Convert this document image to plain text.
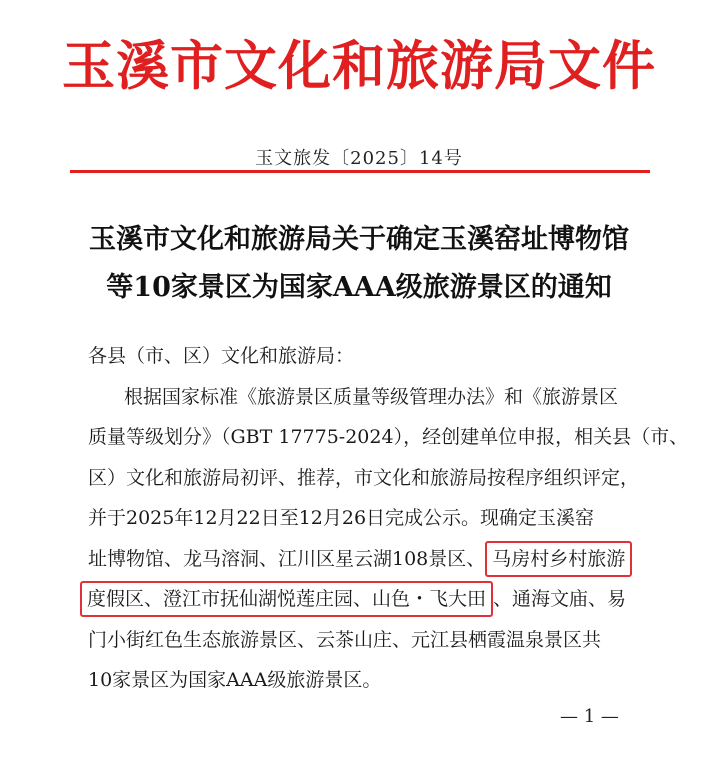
玉溪市文化和旅游局文件
玉文旅发〔2025〕14号
玉溪市文化和旅游局关于确定玉溪窑址博物馆
等10家景区为国家AAA级旅游景区的通知
各县（市、区）文化和旅游局：
根据国家标准《旅游景区质量等级管理办法》和《旅游景区
质量等级划分》（GBT 17775-2024），经创建单位申报，相关县（市、
区）文化和旅游局初评、推荐，市文化和旅游局按程序组织评定，
并于2025年12月22日至12月26日完成公示。现确定玉溪窑
址博物馆、龙马溶洞、江川区星云湖108景区、 马房村乡村旅游
度假区、澄江市抚仙湖悦莲庄园、山色・飞大田 、通海文庙、易
门小街红色生态旅游景区、云茶山庄、元江县栖霞温泉景区共
10家景区为国家AAA级旅游景区。
— 1 —
